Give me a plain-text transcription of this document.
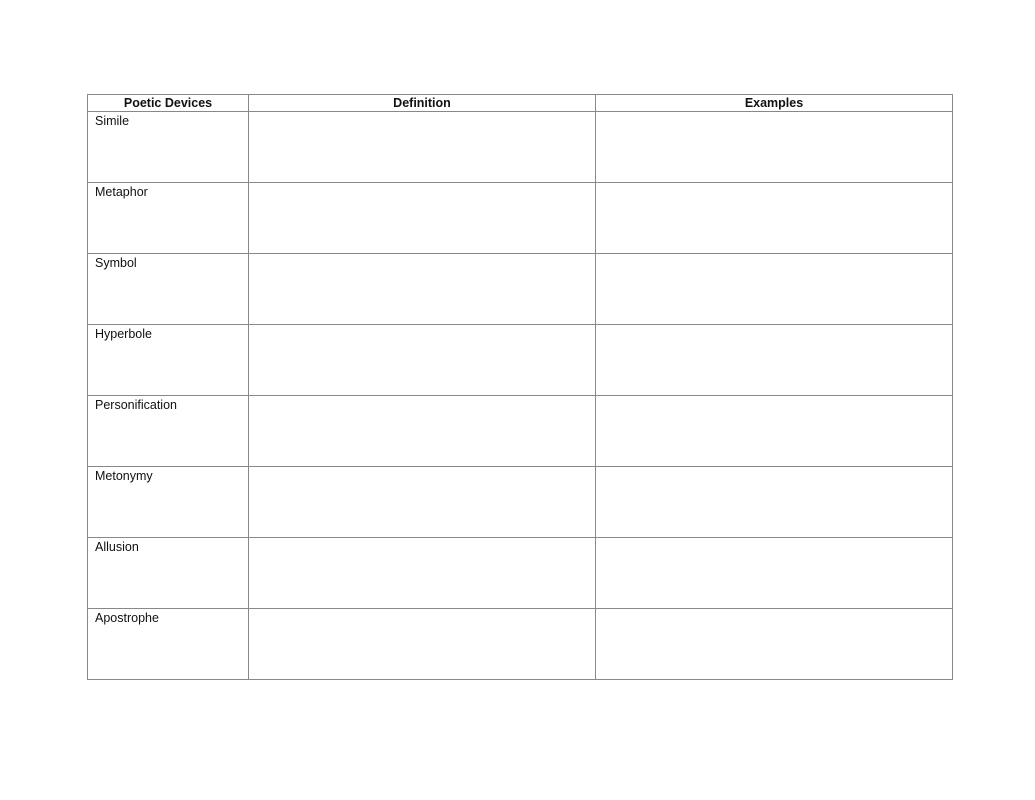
Poetic Devices	Definition	Examples
Simile		
Metaphor		
Symbol		
Hyperbole		
Personification		
Metonymy		
Allusion		
Apostrophe		
